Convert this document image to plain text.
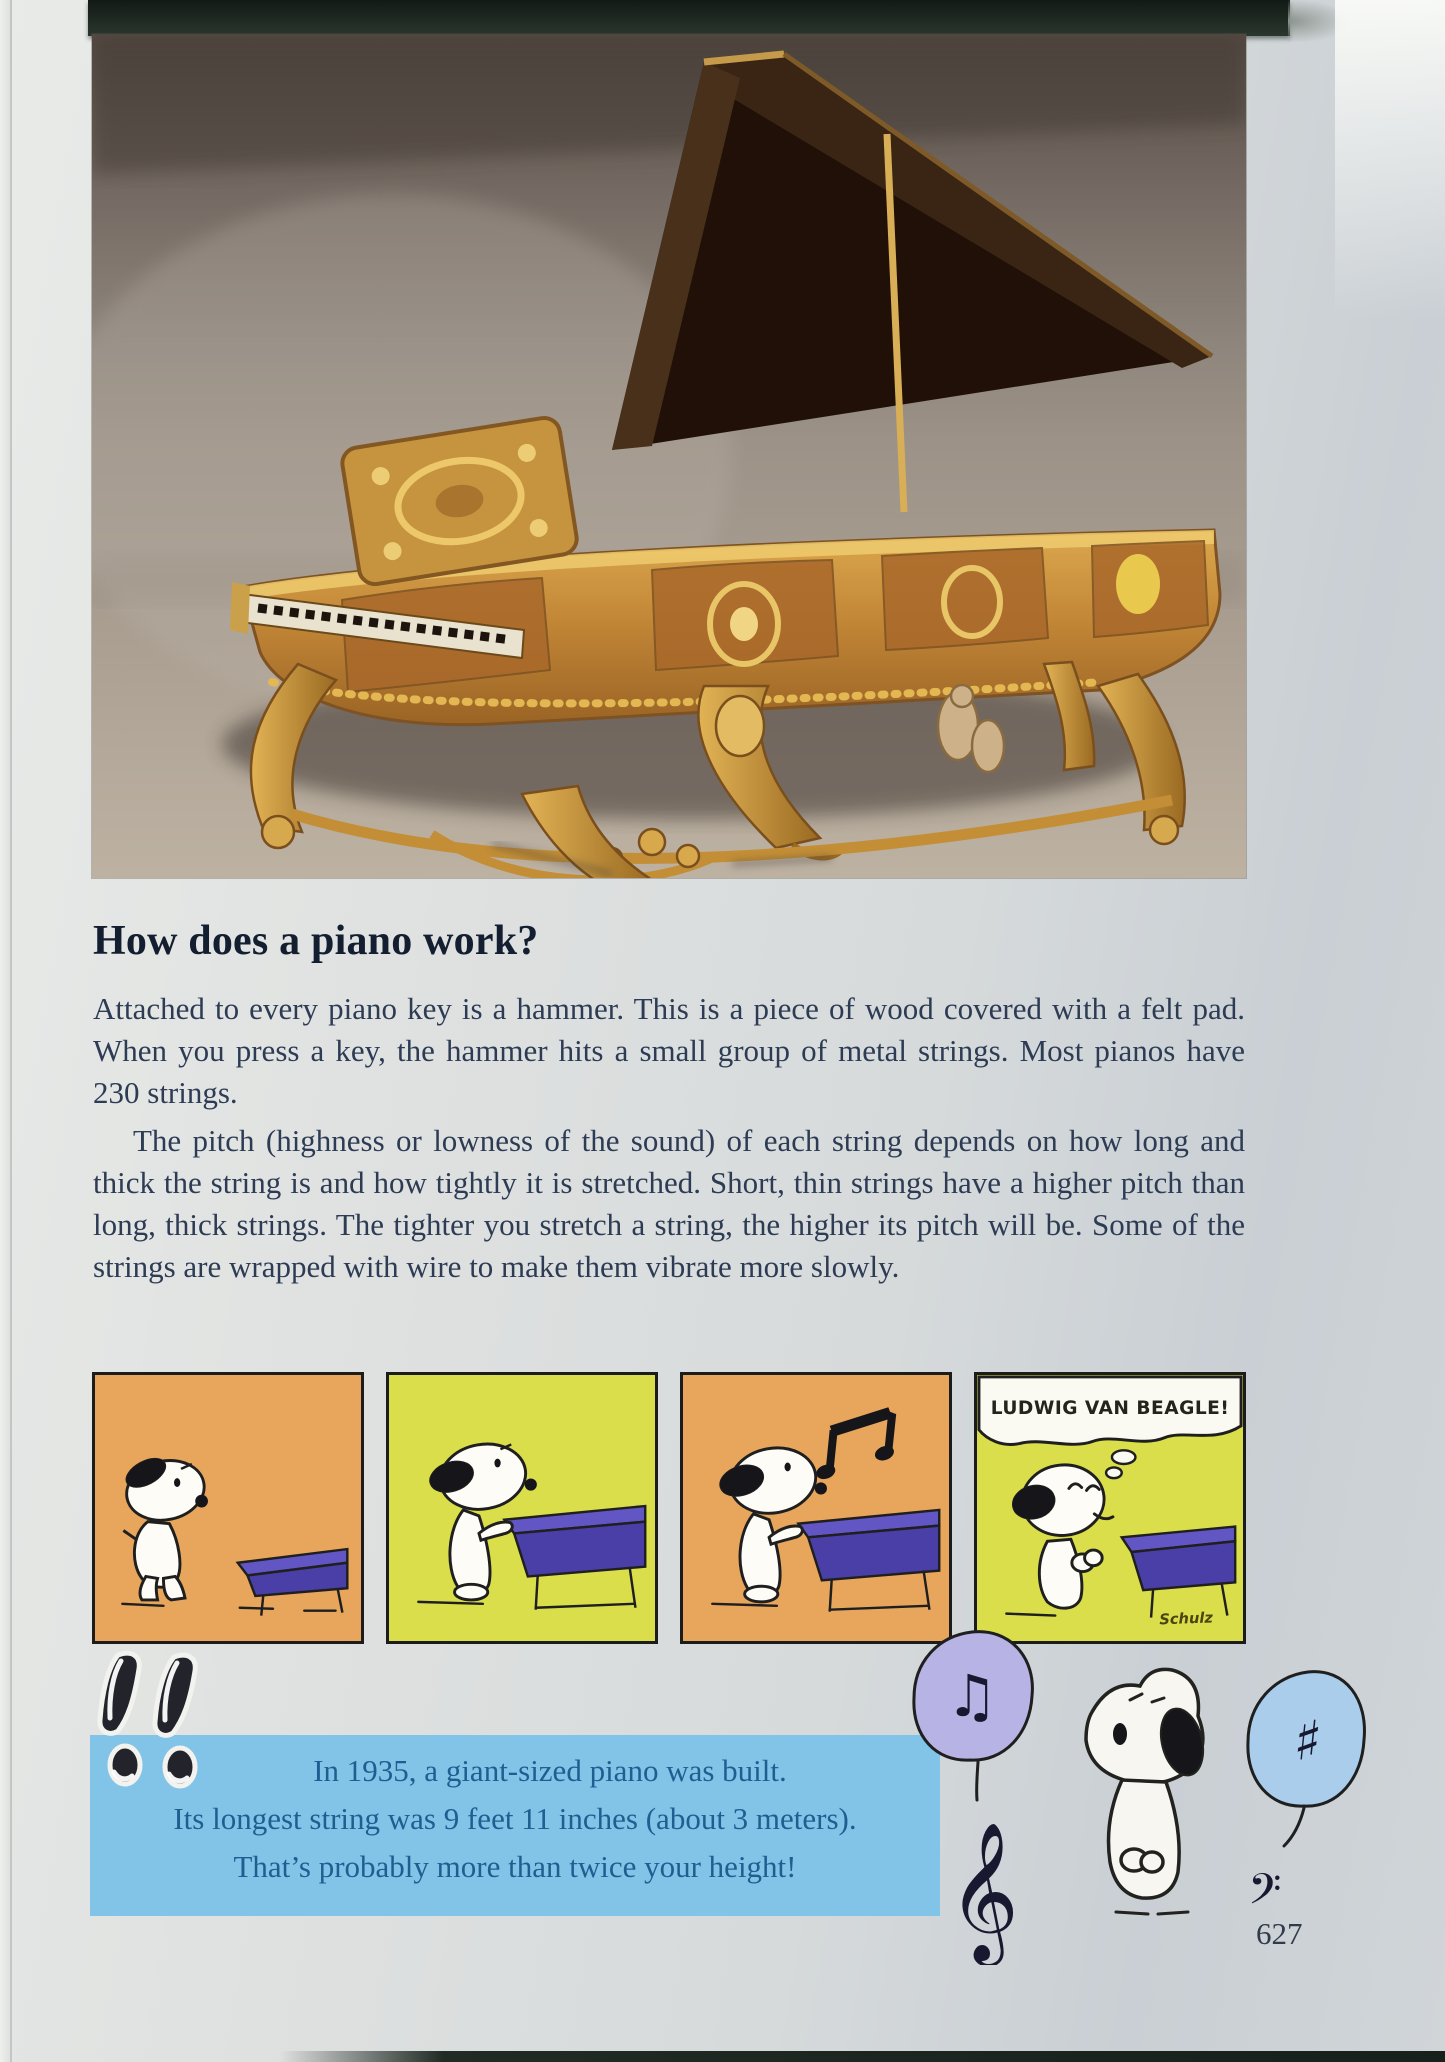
How does a piano work?
Attached to every piano key is a hammer. This is a piece of wood covered with a felt pad. When you press a key, the hammer hits a small group of metal strings. Most pianos have 230 strings.
The pitch (highness or lowness of the sound) of each string depends on how long and thick the string is and how tightly it is stretched. Short, thin strings have a higher pitch than long, thick strings. The tighter you stretch a string, the higher its pitch will be. Some of the strings are wrapped with wire to make them vibrate more slowly.
LUDWIG VAN BEAGLE!
Schulz
In 1935, a giant-sized piano was built.
Its longest string was 9 feet 11 inches (about 3 meters).
That’s probably more than twice your height!
♫
𝄞
♯
𝄢
627
